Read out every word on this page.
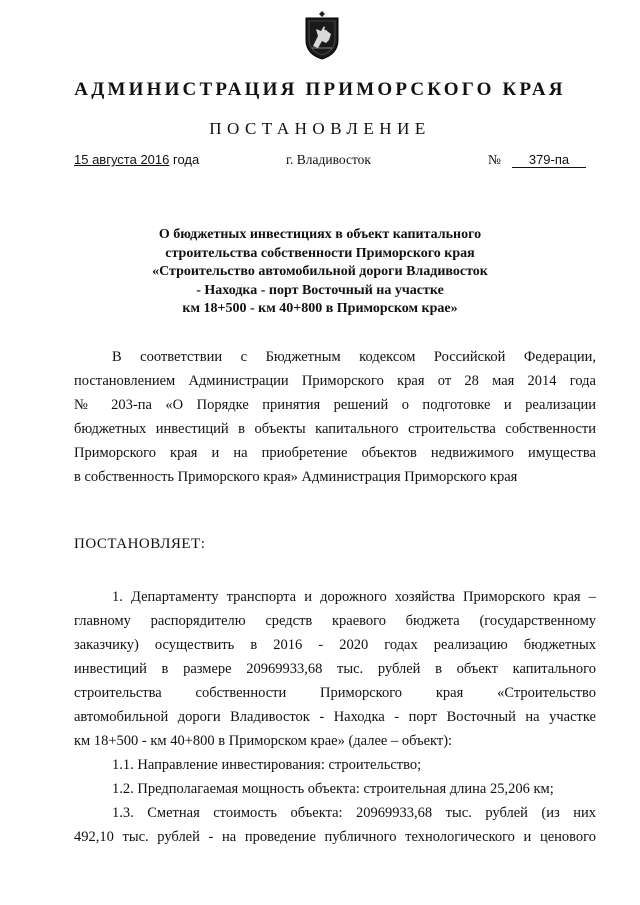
АДМИНИСТРАЦИЯ ПРИМОРСКОГО КРАЯ
ПОСТАНОВЛЕНИЕ
15 августа 2016 года	г. Владивосток	№	379-па
О бюджетных инвестициях в объект капитального
строительства собственности Приморского края
«Строительство автомобильной дороги Владивосток
- Находка - порт Восточный на участке
км 18+500 - км 40+800 в Приморском крае»
В соответствии с Бюджетным кодексом Российской Федерации,
постановлением Администрации Приморского края от 28 мая 2014 года
№ 203-па «О Порядке принятия решений о подготовке и реализации
бюджетных инвестиций в объекты капитального строительства собственности
Приморского края и на приобретение объектов недвижимого имущества
в собственность Приморского края» Администрация Приморского края
ПОСТАНОВЛЯЕТ:
1. Департаменту транспорта и дорожного хозяйства Приморского края –
главному распорядителю средств краевого бюджета (государственному
заказчику) осуществить в 2016 - 2020 годах реализацию бюджетных
инвестиций в размере 20969933,68 тыс. рублей в объект капитального
строительства собственности Приморского края «Строительство
автомобильной дороги Владивосток - Находка - порт Восточный на участке
км 18+500 - км 40+800 в Приморском крае» (далее – объект):
1.1. Направление инвестирования: строительство;
1.2. Предполагаемая мощность объекта: строительная длина 25,206 км;
1.3. Сметная стоимость объекта: 20969933,68 тыс. рублей (из них
492,10 тыс. рублей - на проведение публичного технологического и ценового
